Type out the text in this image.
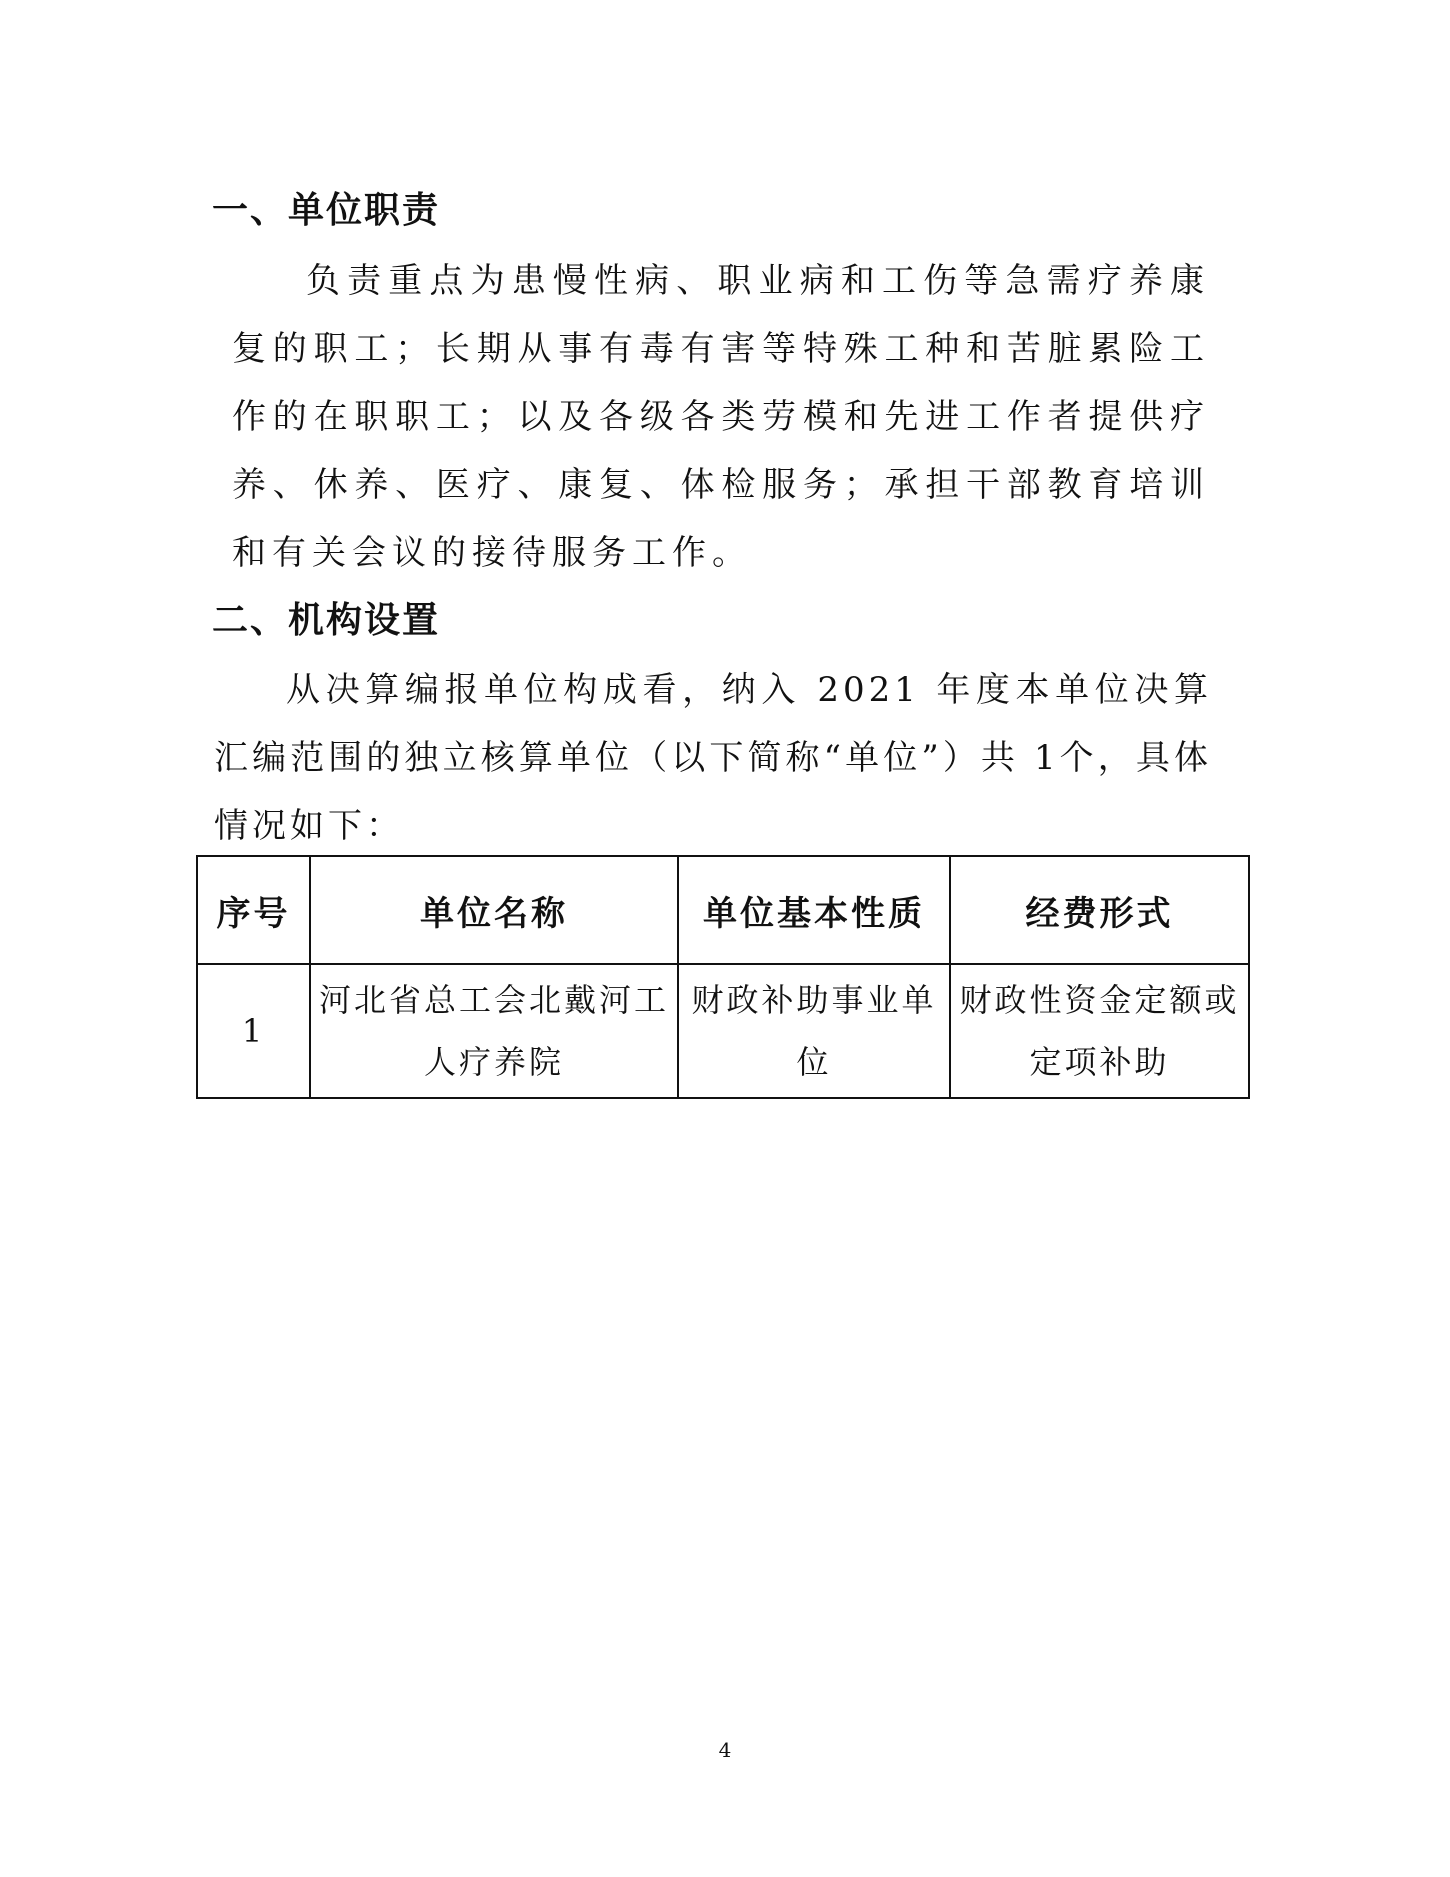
一、单位职责
负责重点为患慢性病、职业病和工伤等急需疗养康复的职工；长期从事有毒有害等特殊工种和苦脏累险工作的在职职工；以及各级各类劳模和先进工作者提供疗养、休养、医疗、康复、体检服务；承担干部教育培训和有关会议的接待服务工作。
二、机构设置
从决算编报单位构成看，纳入 2021 年度本单位决算汇编范围的独立核算单位（以下简称“单位”）共 1个，具体情况如下：
序号	单位名称	单位基本性质	经费形式
1	河北省总工会北戴河工人疗养院	财政补助事业单位	财政性资金定额或定项补助
4
